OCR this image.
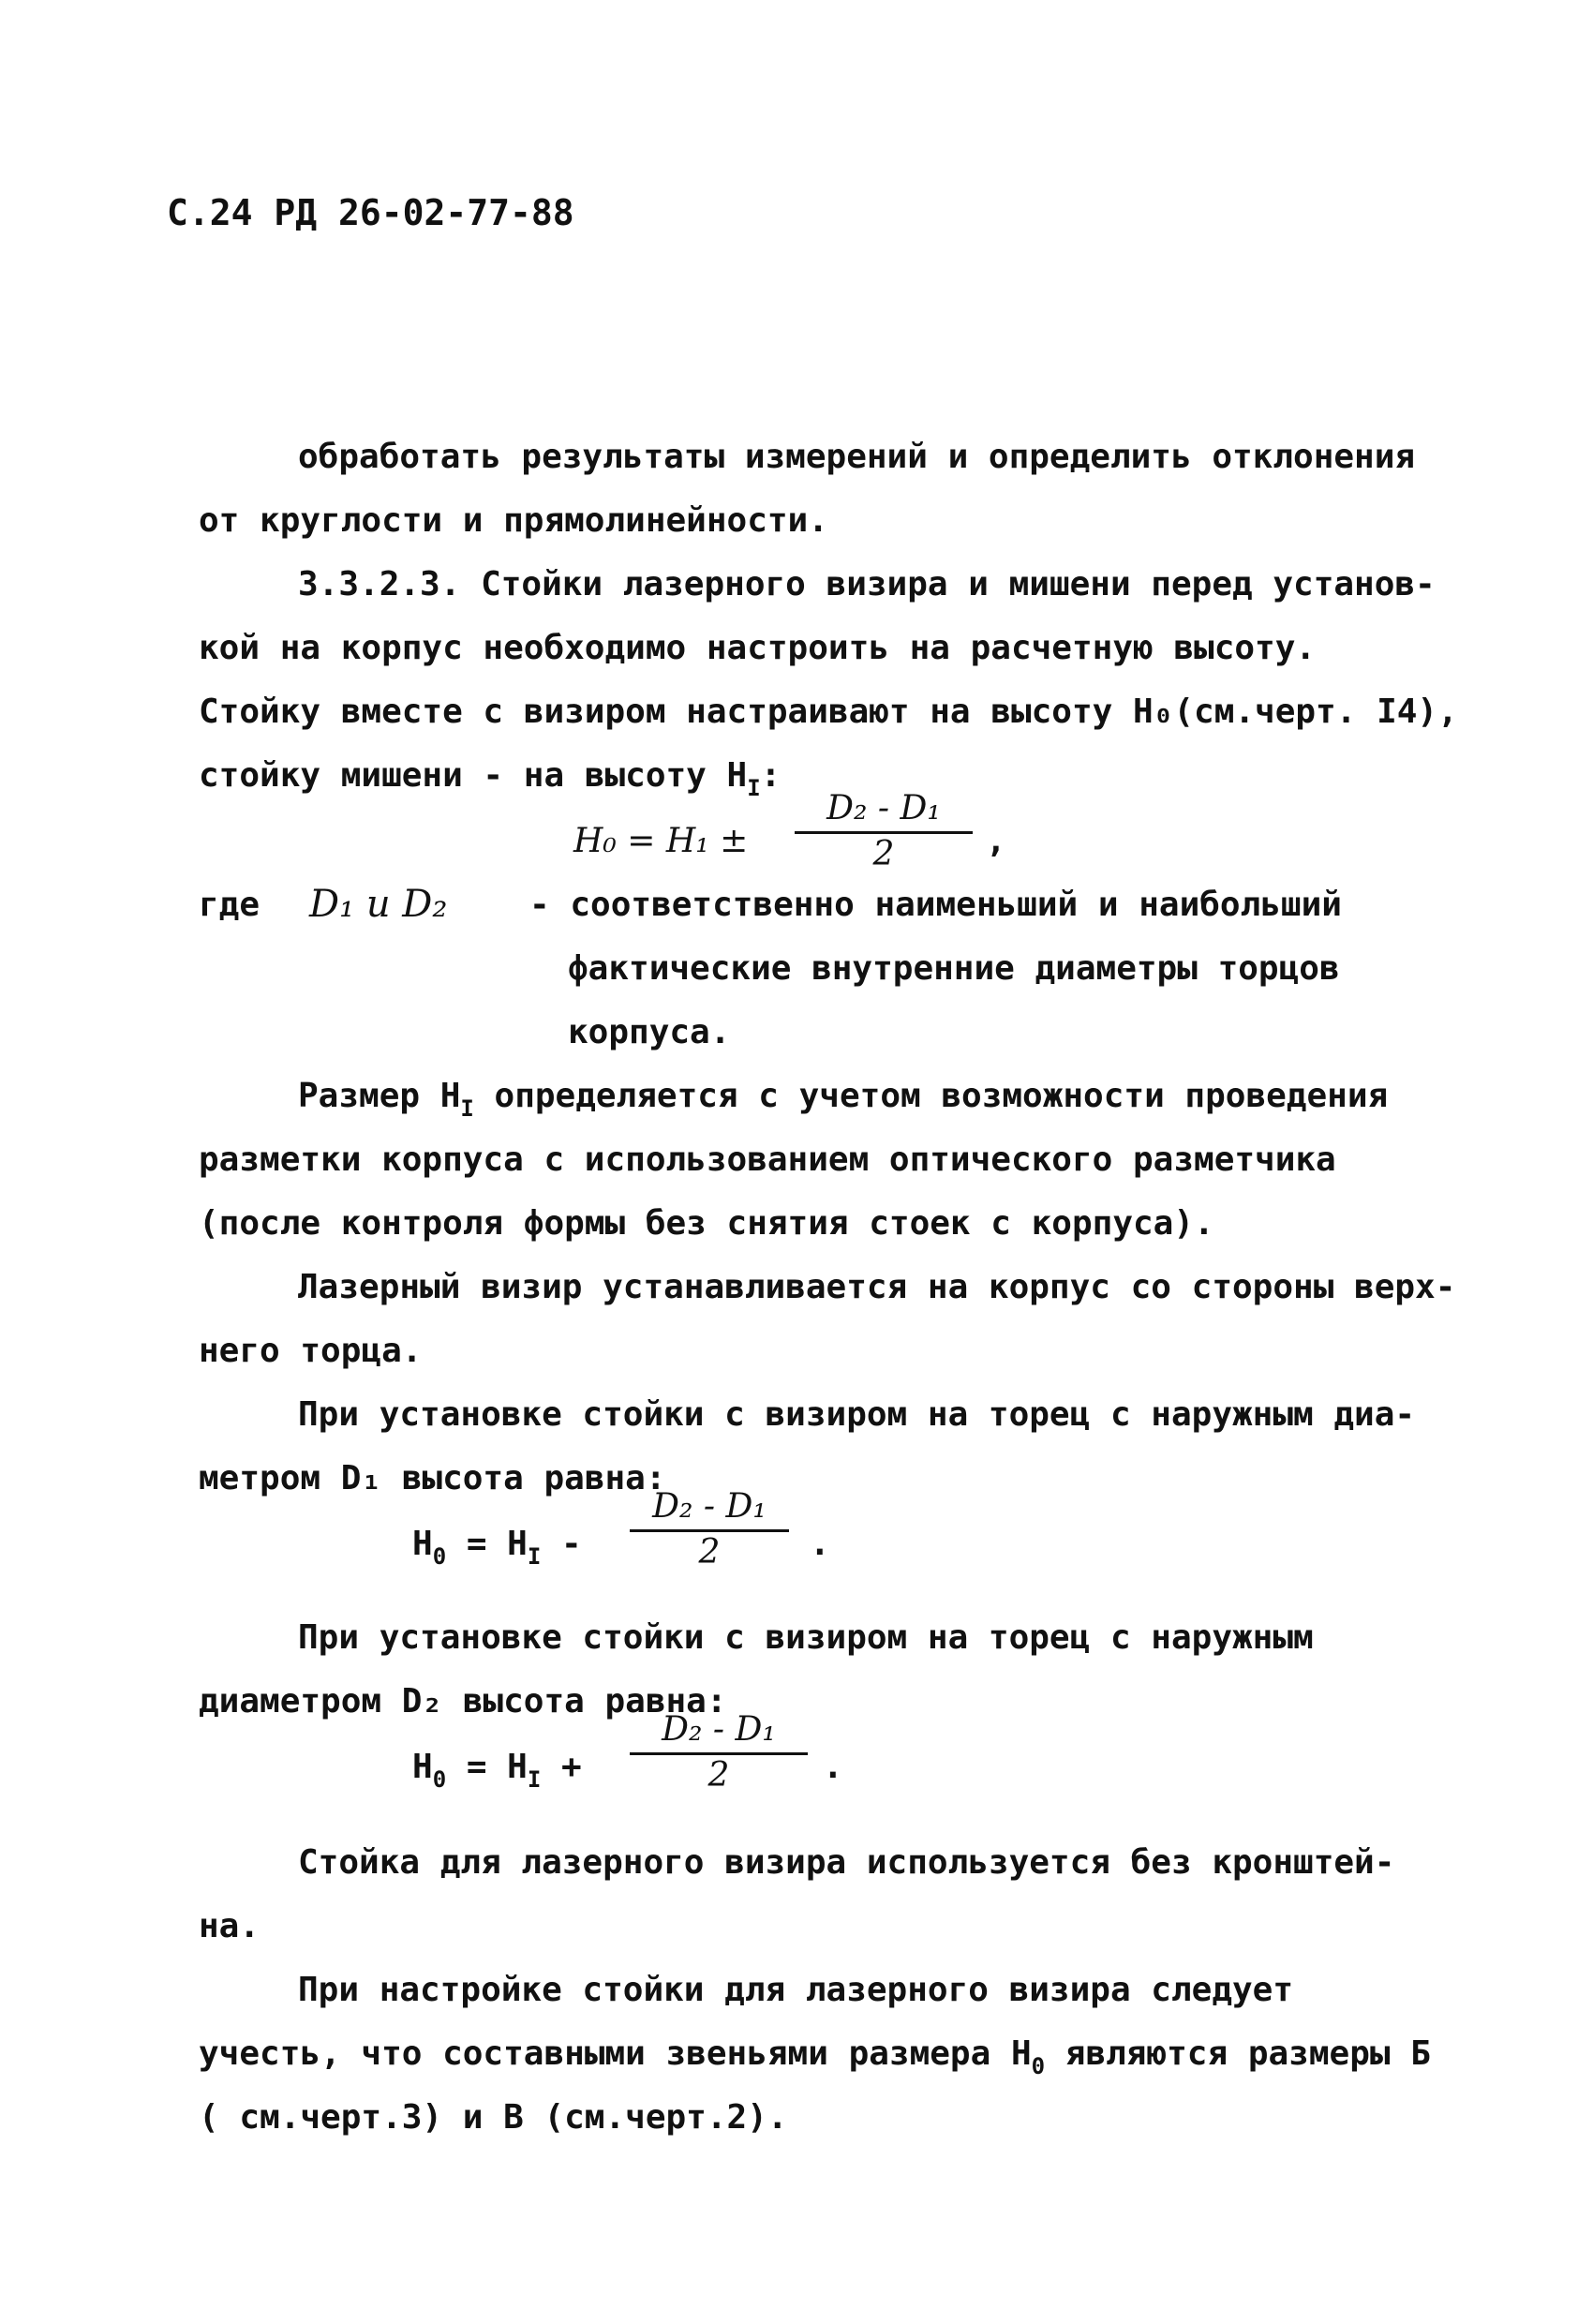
С.24 РД 26-02-77-88
обработать результаты измерений и определить отклонения
от круглости и прямолинейности.
3.3.2.3. Стойки лазерного визира и мишени перед установ-
кой на корпус необходимо настроить на расчетную высоту.
Стойку вместе с визиром настраивают на высоту Н₀(см.черт. I4),
стойку мишени - на высоту $Н_I$:
Н₀ = Н₁ ±
D₂ - D₁
2	,
где D₁ и D₂ - соответственно наименьший и наибольший
фактические внутренние диаметры торцов
корпуса.
Размер $Н_I$ определяется с учетом возможности проведения
разметки корпуса с использованием оптического разметчика
(после контроля формы без снятия стоек с корпуса).
Лазерный визир устанавливается на корпус со стороны верх-
него торца.
При установке стойки с визиром на торец с наружным диа-
метром D₁ высота равна:
$Н_0 = Н_I$ -
D₂ - D₁
2	.
При установке стойки с визиром на торец с наружным
диаметром D₂ высота равна:
$Н_0 = Н_I$ +
D₂ - D₁
2	.
Стойка для лазерного визира используется без кронштей-
на.
При настройке стойки для лазерного визира следует
учесть, что составными звеньями размера $Н_0$ являются размеры Б
( см.черт.3) и В (см.черт.2).
